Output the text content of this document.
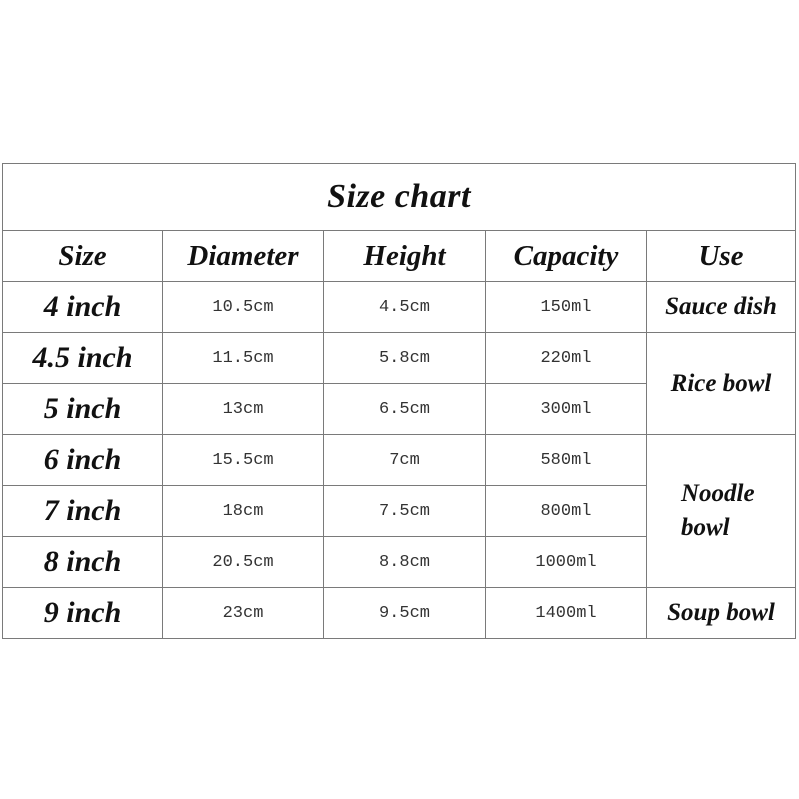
Size chart				
Size	Diameter	Height	Capacity	Use
4 inch	10.5cm	4.5cm	150ml	Sauce dish
4.5 inch	11.5cm	5.8cm	220ml	Rice bowl
5 inch	13cm	6.5cm	300ml	
6 inch	15.5cm	7cm	580ml	Noodle
bowl

7 inch	18cm	7.5cm	800ml	
8 inch	20.5cm	8.8cm	1000ml	
9 inch	23cm	9.5cm	1400ml	Soup bowl
